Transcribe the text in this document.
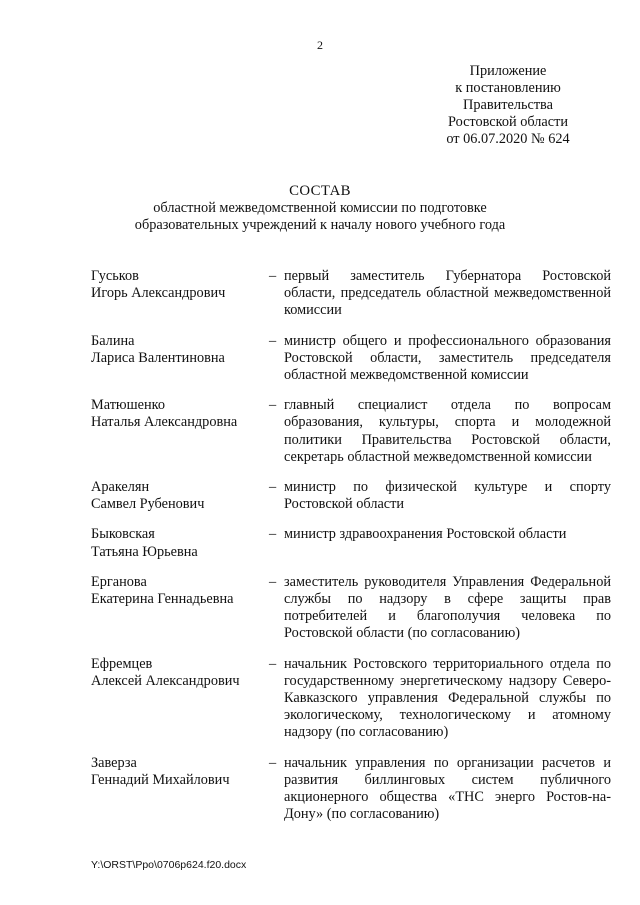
2
Приложение
к постановлению
Правительства
Ростовской области
от 06.07.2020 № 624
СОСТАВ
областной межведомственной комиссии по подготовке
образовательных учреждений к началу нового учебного года
Гуськов
Игорь Александрович
– первый заместитель Губернатора Ростовской области, председатель областной межведомственной комиссии
Балина
Лариса Валентиновна
– министр общего и профессионального образования Ростовской области, заместитель председателя областной межведомственной комиссии
Матюшенко
Наталья Александровна
– главный специалист отдела по вопросам образования, культуры, спорта и молодежной политики Правительства Ростовской области, секретарь областной межведомственной комиссии
Аракелян
Самвел Рубенович
– министр по физической культуре и спорту Ростовской области
Быковская
Татьяна Юрьевна
– министр здравоохранения Ростовской области
Ерганова
Екатерина Геннадьевна
– заместитель руководителя Управления Федеральной службы по надзору в сфере защиты прав потребителей и благополучия человека по Ростовской области (по согласованию)
Ефремцев
Алексей Александрович
– начальник Ростовского территориального отдела по государственному энергетическому надзору Северо-Кавказского управления Федеральной службы по экологическому, технологическому и атомному надзору (по согласованию)
Заверза
Геннадий Михайлович
– начальник управления по организации расчетов и развития биллинговых систем публичного акционерного общества «ТНС энерго Ростов-на-Дону» (по согласованию)
Y:\ORST\Ppo\0706p624.f20.docx
